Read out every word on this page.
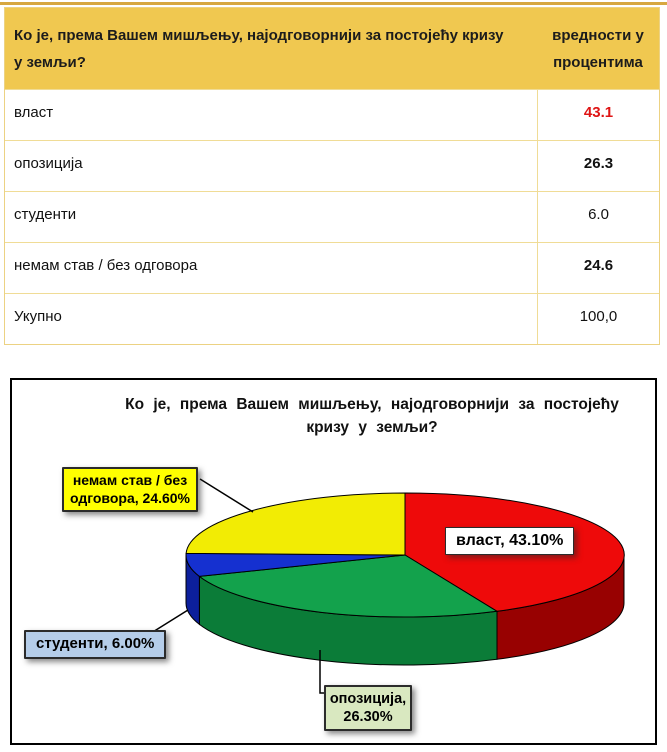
Ко је, према Вашем мишљењу, најодговорнији за постојећу кризу у земљи?
вредности у процентима
власт	43.1
опозиција	26.3
студенти	6.0
немам став / без одговора	24.6
Укупно	100,0
Ко је, према Вашем мишљењу, најодговорнији за постојећу
кризу у земљи?
немам став / без одговора, 24.60%
власт, 43.10%
студенти, 6.00%
опозиција, 26.30%
